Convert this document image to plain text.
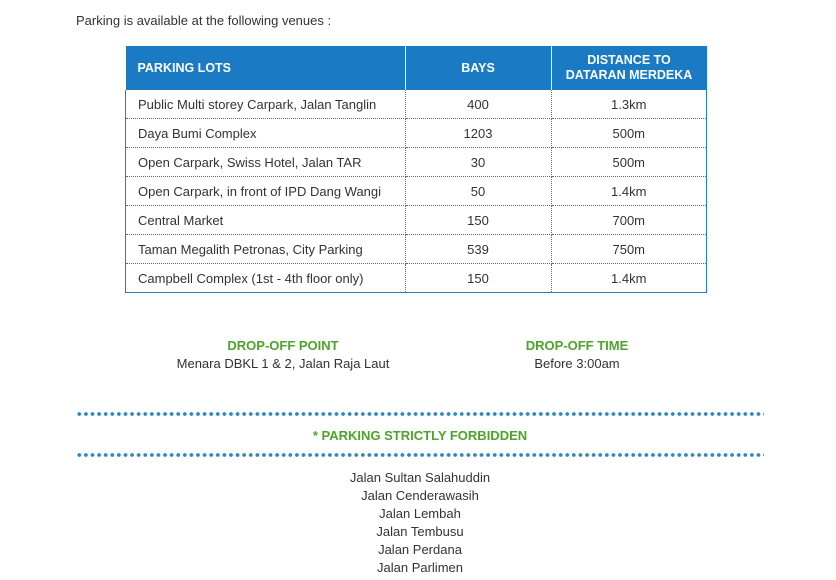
Parking is available at the following venues :
PARKING LOTS	BAYS	DISTANCE TO
DATARAN MERDEKA
Public Multi storey Carpark, Jalan Tanglin	400	1.3km
Daya Bumi Complex	1203	500m
Open Carpark, Swiss Hotel, Jalan TAR	30	500m
Open Carpark, in front of IPD Dang Wangi	50	1.4km
Central Market	150	700m
Taman Megalith Petronas, City Parking	539	750m
Campbell Complex (1st - 4th floor only)	150	1.4km
DROP-OFF POINT
Menara DBKL 1 & 2, Jalan Raja Laut
DROP-OFF TIME
Before 3:00am
* PARKING STRICTLY FORBIDDEN
Jalan Sultan Salahuddin
Jalan Cenderawasih
Jalan Lembah
Jalan Tembusu
Jalan Perdana
Jalan Parlimen
